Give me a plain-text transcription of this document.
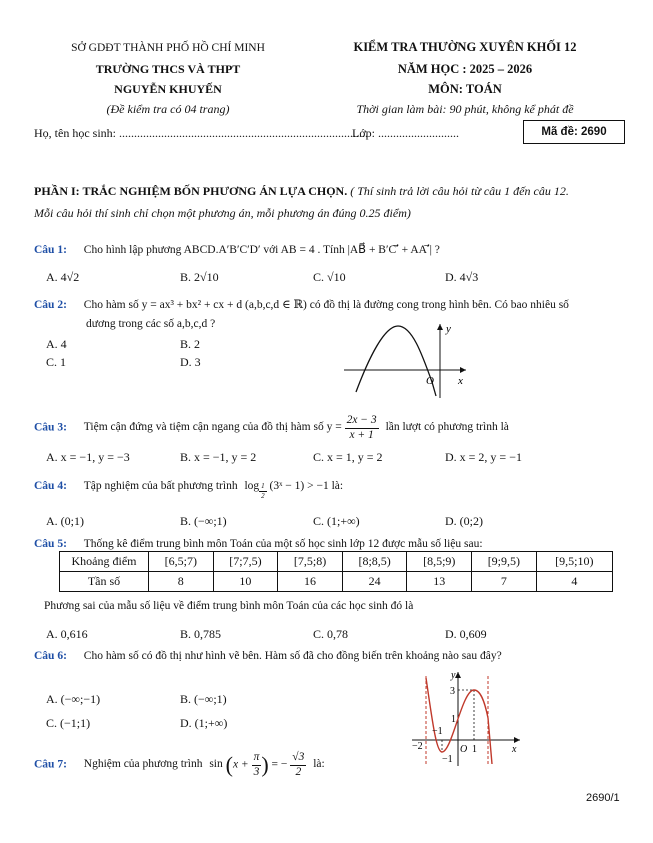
SỞ GDĐT THÀNH PHỐ HỒ CHÍ MINH
TRƯỜNG THCS VÀ THPT
NGUYỄN KHUYẾN
(Đề kiểm tra có 04 trang)
KIỂM TRA THƯỜNG XUYÊN KHỐI 12
NĂM HỌC : 2025 – 2026
MÔN: TOÁN
Thời gian làm bài: 90 phút, không kể phát đề
Họ, tên học sinh: ...................................................................................
Lớp: ...........................	Mã đề: 2690
PHẦN I: TRẮC NGHIỆM BỐN PHƯƠNG ÁN LỰA CHỌN. ( Thí sinh trả lời câu hỏi từ câu 1 đến câu 12.
Mỗi câu hỏi thí sinh chỉ chọn một phương án, mỗi phương án đúng 0.25 điểm)
Câu 1: Cho hình lập phương ABCD.A′B′C′D′ với AB = 4 . Tính |AB⃗ + B′C′⃗ + AA′⃗| ?
A. 4√2	B. 2√10	C. √10	D. 4√3
Câu 2: Cho hàm số y = ax³ + bx² + cx + d (a,b,c,d ∈ ℝ) có đồ thị là đường cong trong hình bên. Có bao nhiêu số
dương trong các số a,b,c,d ?
A. 4	B. 2
C. 1	D. 3
y
x
O
Câu 3: Tiệm cận đứng và tiệm cận ngang của đồ thị hàm số $y = \frac{2x - 3}{x + 1}$ lần lượt có phương trình là
A. x = −1, y = −3	B. x = −1, y = 2	C. x = 1, y = 2	D. x = 2, y = −1
Câu 4: Tập nghiệm của bất phương trình $\log \frac{1}{2}$ (3ˣ − 1) > −1 là:
A. (0;1)	B. (−∞;1)	C. (1;+∞)	D. (0;2)
Câu 5: Thống kê điểm trung bình môn Toán của một số học sinh lớp 12 được mẫu số liệu sau:
Khoảng điểm	[6,5;7)	[7;7,5)	[7,5;8)	[8;8,5)	[8,5;9)	[9;9,5)	[9,5;10)
Tần số	8	10	16	24	13	7	4
Phương sai của mẫu số liệu về điểm trung bình môn Toán của các học sinh đó là
A. 0,616	B. 0,785	C. 0,78	D. 0,609
Câu 6: Cho hàm số có đồ thị như hình vẽ bên. Hàm số đã cho đồng biến trên khoảng nào sau đây?
A. (−∞;−1)	B. (−∞;1)
C. (−1;1)	D. (1;+∞)
y
x
3
1
−1
−2
−1
O 1
Câu 7: Nghiệm của phương trình $\sin (x + \frac{\pi}{3}$ ) = − $\frac{√3}{2}$ là:
2690/1
